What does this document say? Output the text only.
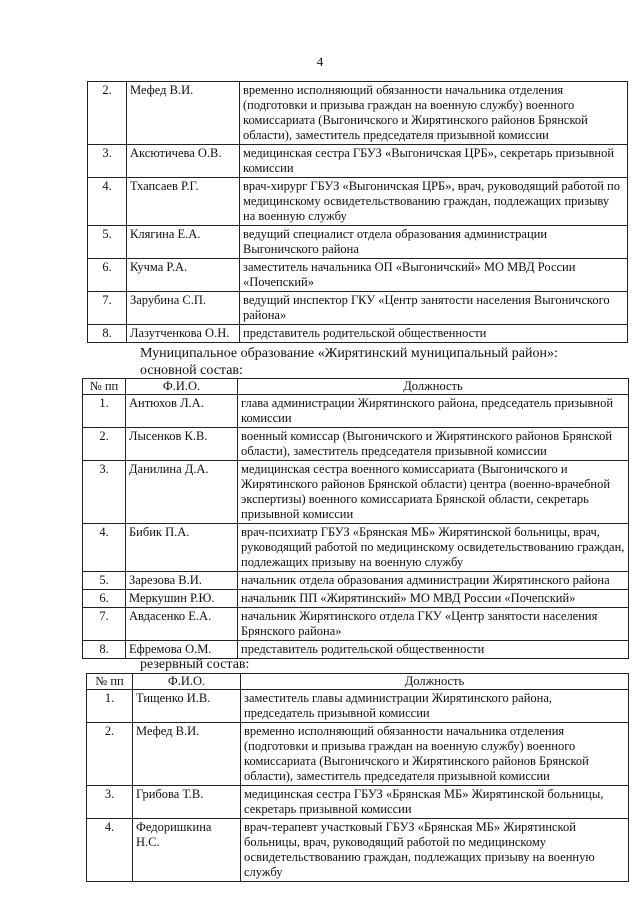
4
2.	Мефед В.И.	временно исполняющий обязанности начальника отделения (подготовки и призыва граждан на военную службу) военного комиссариата (Выгоничского и Жирятинского районов Брянской области), заместитель председателя призывной комиссии
3.	Аксютичева О.В.	медицинская сестра ГБУЗ «Выгоничская ЦРБ», секретарь призывной комиссии
4.	Тхапсаев Р.Г.	врач-хирург ГБУЗ «Выгоничская ЦРБ», врач, руководящий работой по медицинскому освидетельствованию граждан, подлежащих призыву на военную службу
5.	Клягина Е.А.	ведущий специалист отдела образования администрации Выгоничского района
6.	Кучма Р.А.	заместитель начальника ОП «Выгоничский» МО МВД России «Почепский»
7.	Зарубина С.П.	ведущий инспектор ГКУ «Центр занятости населения Выгоничского района»
8.	Лазутченкова О.Н.	представитель родительской общественности
Муниципальное образование «Жирятинский муниципальный район»:
основной состав:
№ пп	Ф.И.О.	Должность
1.	Антюхов Л.А.	глава администрации Жирятинского района, председатель призывной комиссии
2.	Лысенков К.В.	военный комиссар (Выгоничского и Жирятинского районов Брянской области), заместитель председателя призывной комиссии
3.	Данилина Д.А.	медицинская сестра военного комиссариата (Выгоничского и Жирятинского районов Брянской области) центра (военно-врачебной экспертизы) военного комиссариата Брянской области, секретарь призывной комиссии
4.	Бибик П.А.	врач-психиатр ГБУЗ «Брянская МБ» Жирятинской больницы, врач, руководящий работой по медицинскому освидетельствованию граждан, подлежащих призыву на военную службу
5.	Зарезова В.И.	начальник отдела образования администрации Жирятинского района
6.	Меркушин Р.Ю.	начальник ПП «Жирятинский» МО МВД России «Почепский»
7.	Авдасенко Е.А.	начальник Жирятинского отдела ГКУ «Центр занятости населения Брянского района»
8.	Ефремова О.М.	представитель родительской общественности
резервный состав:
№ пп	Ф.И.О.	Должность
1.	Тищенко И.В.	заместитель главы администрации Жирятинского района, председатель призывной комиссии
2.	Мефед В.И.	временно исполняющий обязанности начальника отделения (подготовки и призыва граждан на военную службу) военного комиссариата (Выгоничского и Жирятинского районов Брянской области), заместитель председателя призывной комиссии
3.	Грибова Т.В.	медицинская сестра ГБУЗ «Брянская МБ» Жирятинской больницы, секретарь призывной комиссии
4.	Федоришкина Н.С.	врач-терапевт участковый ГБУЗ «Брянская МБ» Жирятинской больницы, врач, руководящий работой по медицинскому освидетельствованию граждан, подлежащих призыву на военную службу
